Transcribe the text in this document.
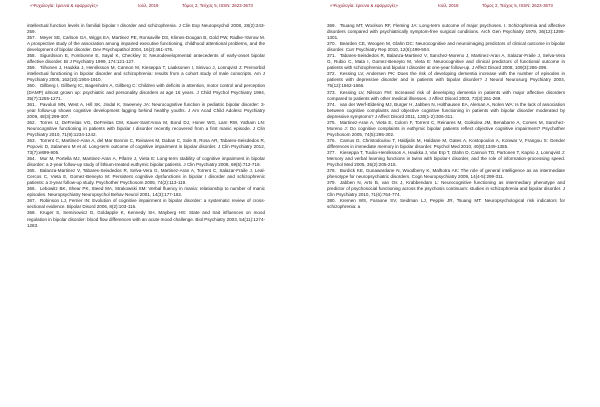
«Ψυχολογία: έρευνα & εφαρμογές»	Ιούλ, 2019	Τόμος 2, Τεύχος 5, ISSN: 2623-3673

intellectual function levels in familial bipolar I disorder and schizophrenia. J Clin Exp Neuropsychol 2008, 28(2):243-259.

357. Meyer SE, Carlson GA, Wiggs EA, Martinez PE, Ronsaville DS, Klimes-Dougan B, Gold PW, Radke-Yarrow M. A prospective study of the association among impaired executive functioning, childhood attentional problems, and the development of bipolar disorder. Dev Psychopathol 2004, 16(2):461-476.

358. Sigurdsson E, Fombonne E, Sayal K, Checkley S: Neurodevelopmental antecedents of early-onset bipolar affective disorder. Br J Psychiatry 1999, 174:121-127.

359. Tiihonen J, Haukka J, Henriksson M, Cannon M, Kieseppa T, Laaksonen I, Sinivuo J, Lonnqvist J: Premorbid intellectual functioning in bipolar disorder and schizophrenia: results from a cohort study of male conscripts. Am J Psychiatry 2005, 162(10):1904-1910.

360. Gillberg I, Gillberg IC, Bagenholm A, Gillberg C: Children with deficits in attention, motor control and perception (DAMP) almost grown up: psychiatric and personality disorders at age 16 years. J Child Psychol Psychiatry 1994, 35(7):1255-1271.

361. Pavuluri MN, West A, Hill SK, Jindal K, Sweeney JA: Neurocognitive function in pediatric bipolar disorder: 3-year follow-up shows cognitive development lagging behind healthy youths. J Am Acad Child Adolesc Psychiatry 2009, 48(3):299-307.

362. Torres IJ, DeFreitas VG, DeFreitas CM, Kauer-Sant'Anna M, Bond DJ, Honer WG, Lam RW, Yatham LN: Neurocognitive functioning in patients with bipolar I disorder recently recovered from a first manic episode. J Clin Psychiatry 2010, 71(9):1234-1242.

363. Torrent C, Martinez-Aran A, del Mar Bonnin C, Reinares M, Daban C, Sole B, Rosa AR, Tabares-Seisdedos R, Popovic D, Salamero M et al: Long-term outcome of cognitive impairment in bipolar disorder. J Clin Psychiatry 2012, 73(7):e899-905.

364. Mur M, Portella MJ, Martinez-Aran A, Pifarre J, Vieta E: Long-term stability of cognitive impairment in bipolar disorder: a 2-year follow-up study of lithium-treated euthymic bipolar patients. J Clin Psychiatry 2008, 69(5):712-719.

365. Balanza-Martinez V, Tabares-Seisdedos R, Selva-Vera G, Martinez-Aran A, Torrent C, Salazar-Fraile J, Leal-Cercos C, Vieta E, Gomez-Beneyto M: Persistent cognitive dysfunctions in bipolar I disorder and schizophrenic patients: a 3-year follow-up study. Psychother Psychosom 2005, 74(2):113-119.

366. Lebowitz BK, Shear PK, Steed MA, Strakowski SM: Verbal fluency in mania: relationship to number of manic episodes. Neuropsychiatry Neuropsychol Behav Neurol 2001, 14(3):177-182.

367. Robinson LJ, Ferrier IN: Evolution of cognitive impairment in bipolar disorder: a systematic review of cross-sectional evidence. Bipolar Disord 2006, 8(2):103-116.

368. Kruger S, Seminowicz D, Goldapple K, Kennedy SH, Mayberg HS: State and trait influences on mood regulation in bipolar disorder: blood flow differences with an acute mood challenge. Biol Psychiatry 2003, 54(11):1274-1283.

«Ψυχολογία: έρευνα & εφαρμογές»	Ιούλ, 2019	Τόμος 2, Τεύχος 5, ISSN: 2623-3673

369. Tsuang MT, Woolson RF, Fleming JA: Long-term outcome of major psychoses. I. Schizophrenia and affective disorders compared with psychiatrically symptom-free surgical conditions. Arch Gen Psychiatry 1979, 36(12):1295-1301.

370. Bearden CE, Woogen M, Glahn DC: Neurocognitive and neuroimaging predictors of clinical outcome in bipolar disorder. Curr Psychiatry Rep 2010, 12(6):499-504.

371. Tabares-Seisdedos R, Balanza-Martinez V, Sanchez-Moreno J, Martinez-Aran A, Salazar-Fraile J, Selva-Vera G, Rubio C, Mata I, Gomez-Beneyto M, Vieta E: Neurocognitive and clinical predictors of functional outcome in patients with schizophrenia and bipolar I disorder at one-year follow-up. J Affect Disord 2008, 109(3):286-299.

372. Kessing LV, Andersen PK: Does the risk of developing dementia increase with the number of episodes in patients with depressive disorder and in patients with bipolar disorder? J Neurol Neurosurg Psychiatry 2004, 75(12):1662-1666.

373. Kessing LV, Nilsson FM: Increased risk of developing dementia in patients with major affective disorders compared to patients with other medical illnesses. J Affect Disord 2003, 73(3):261-269.

374. van der Werf-Eldering MJ, Burger H, Jabben N, Holthausen EA, Aleman A, Nolen WA: Is the lack of association between cognitive complaints and objective cognitive functioning in patients with bipolar disorder moderated by depressive symptoms? J Affect Disord 2011, 130(1-2):306-311.

375. Martinez-Aran A, Vieta E, Colom F, Torrent C, Reinares M, Goikolea JM, Benabarre A, Comes M, Sanchez-Moreno J: Do cognitive complaints in euthymic bipolar patients reflect objective cognitive impairment? Psychother Psychosom 2005, 74(5):295-302.

376. Camus D, Christodoulou T, Haldjalis M, Haldane M, Gates A, Kostopoulos A, Konwar V, Frangou S: Gender differences in immediate memory in bipolar disorder. Psychol Med 2010, 40(8):1349-1355.

377. Kieseppa T, Tuulio-Henriksson A, Haukka J, Van Erp T, Glahn D, Cannon TD, Partonen T, Kaprio J, Lonnqvist J: Memory and verbal learning functions in twins with bipolar-I disorder, and the role of information-processing speed. Psychol Med 2005, 35(2):205-215.

378. Burdick KE, Gunawardane N, Woodberry K, Malhotra AK: The role of general intelligence as an intermediate phenotype for neuropsychiatric disorders. Cogn Neuropsychiatry 2009, 14(4-5):299-311.

379. Jabben N, Arts B, van Os J, Krabbendam L: Neurocognitive functioning as intermediary phenotype and predictor of psychosocial functioning across the psychosis continuum: studies in schizophrenia and bipolar disorder. J Clin Psychiatry 2010, 71(6):764-774.

380. Kremen WS, Faraone SV, Seidman LJ, Pepple JR, Tsuang MT: Neuropsychological risk indicators for schizophrenia: a
